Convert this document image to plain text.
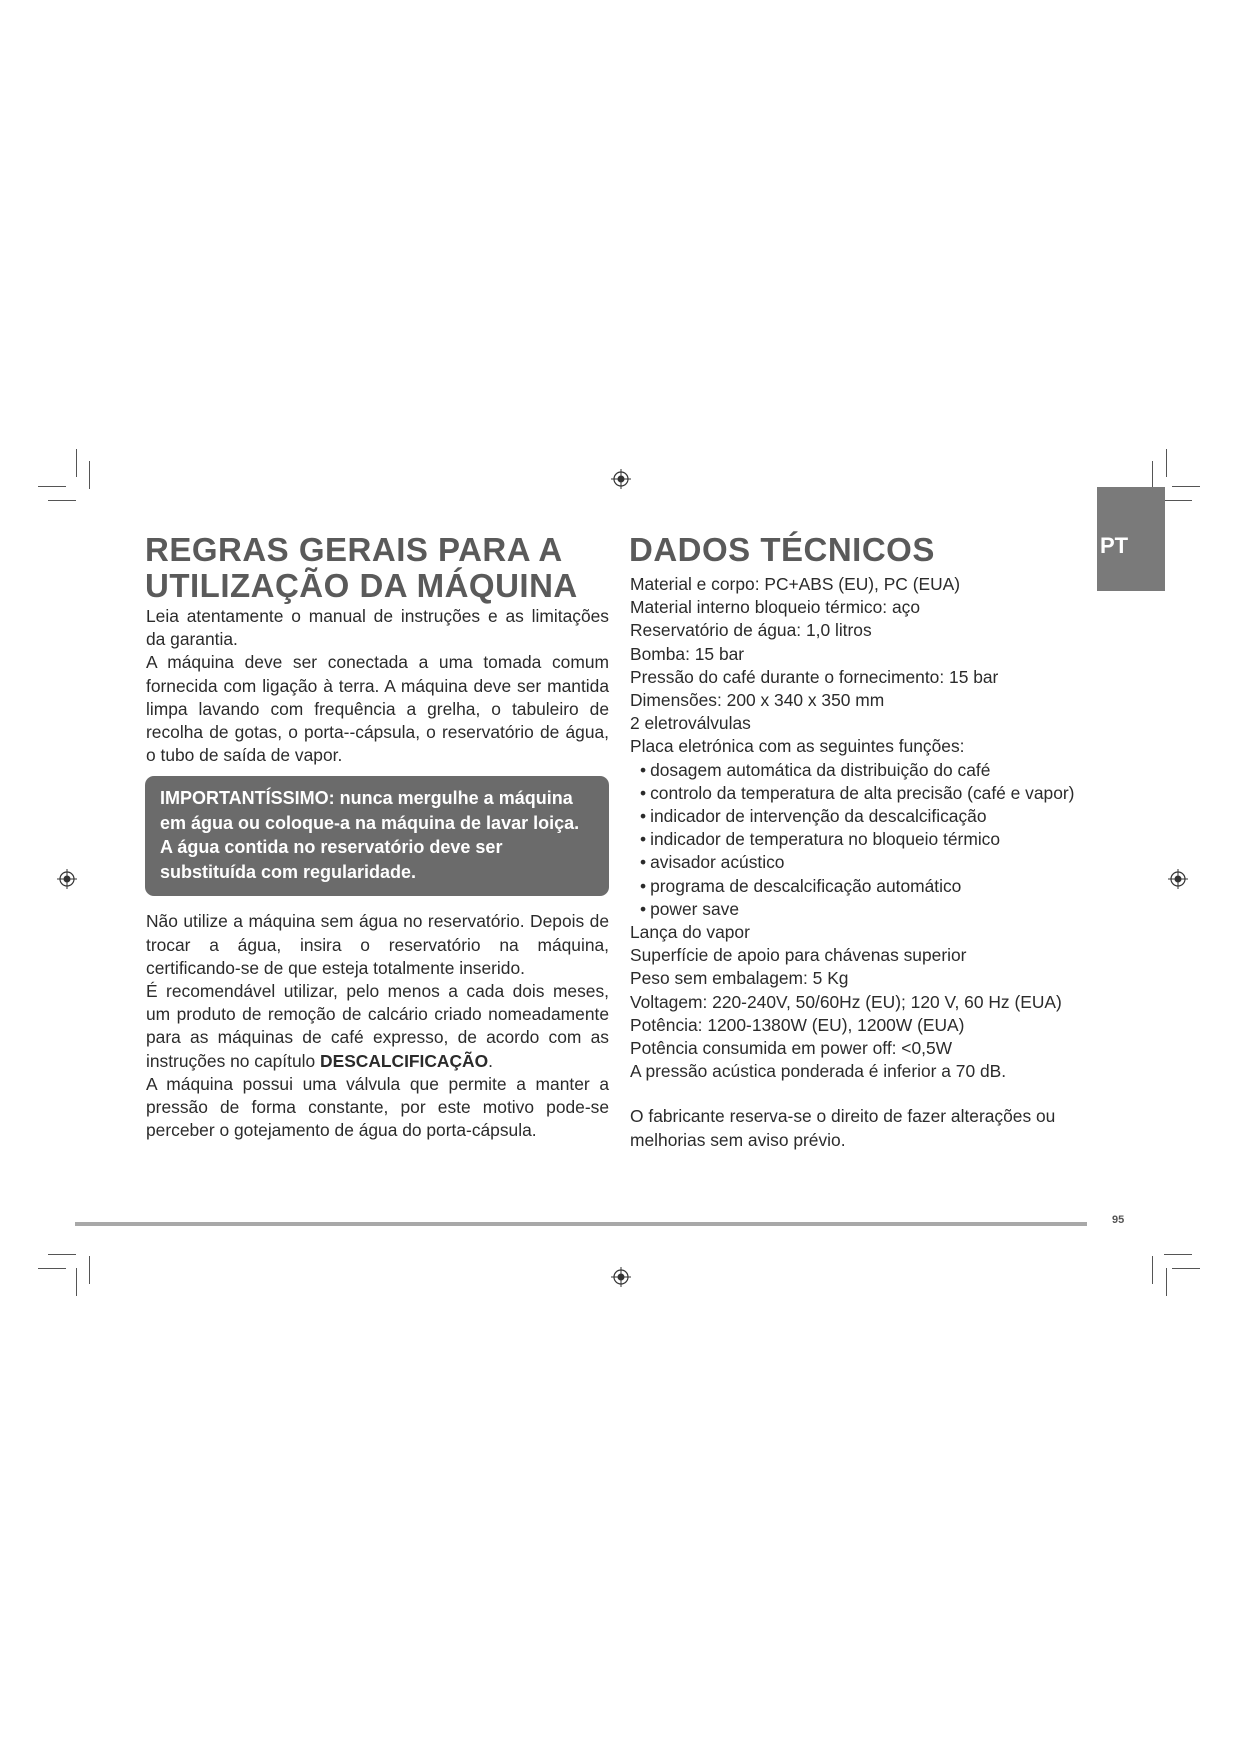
PT
REGRAS GERAIS PARA A
UTILIZAÇÃO DA MÁQUINA

Leia atentamente o manual de instruções e as limitações da garantia.

A máquina deve ser conectada a uma tomada comum fornecida com ligação à terra. A máquina deve ser mantida limpa lavando com frequência a grelha, o tabuleiro de recolha de gotas, o porta--cápsula, o reservatório de água, o tubo de saída de vapor.

IMPORTANTÍSSIMO: nunca mergulhe a máquina em água ou coloque-a na máquina de lavar loiça. A água contida no reservatório deve ser substituída com regularidade.

Não utilize a máquina sem água no reservatório. Depois de trocar a água, insira o reservatório na máquina, certificando-se de que esteja totalmente inserido.

É recomendável utilizar, pelo menos a cada dois meses, um produto de remoção de calcário criado nomeadamente para as máquinas de café expresso, de acordo com as instruções no capítulo DESCALCIFICAÇÃO.

A máquina possui uma válvula que permite a manter a pressão de forma constante, por este motivo pode-se perceber o gotejamento de água do porta-cápsula.

DADOS TÉCNICOS

Material e corpo: PC+ABS (EU), PC (EUA)

Material interno bloqueio térmico: aço

Reservatório de água: 1,0 litros

Bomba: 15 bar

Pressão do café durante o fornecimento: 15 bar

Dimensões: 200 x 340 x 350 mm

2 eletroválvulas

Placa eletrónica com as seguintes funções:

• dosagem automática da distribuição do café
• controlo da temperatura de alta precisão (café e vapor)
• indicador de intervenção da descalcificação
• indicador de temperatura no bloqueio térmico
• avisador acústico
• programa de descalcificação automático
• power save

Lança do vapor

Superfície de apoio para chávenas superior

Peso sem embalagem: 5 Kg

Voltagem: 220-240V, 50/60Hz (EU); 120 V, 60 Hz (EUA)

Potência: 1200-1380W (EU), 1200W (EUA)

Potência consumida em power off: <0,5W

A pressão acústica ponderada é inferior a 70 dB.

O fabricante reserva-se o direito de fazer alterações ou melhorias sem aviso prévio.

95
